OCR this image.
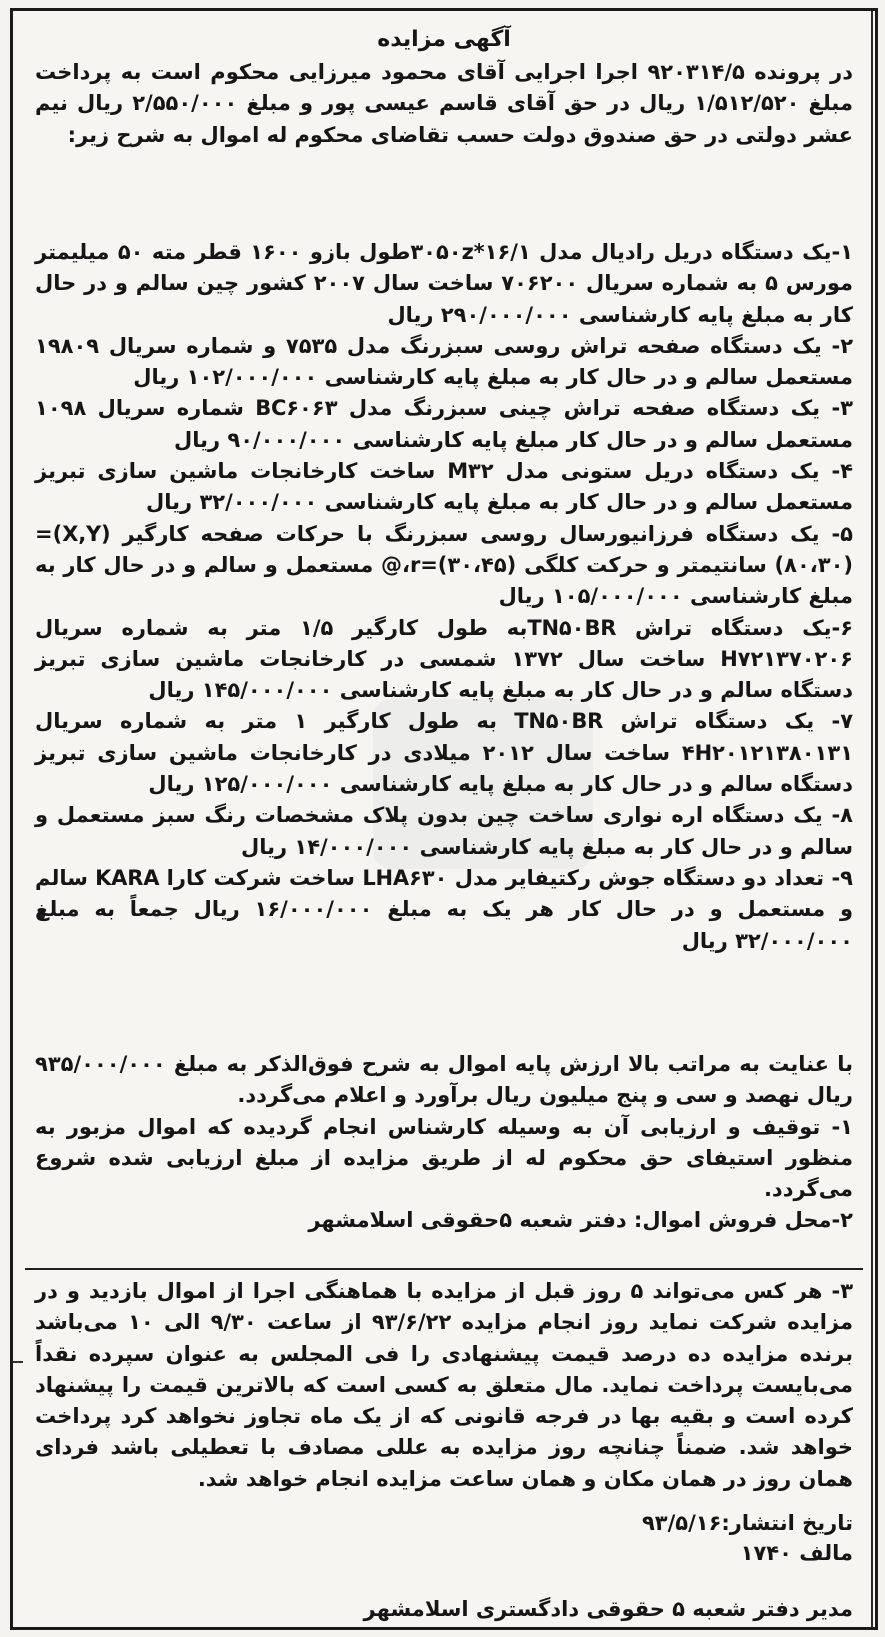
آگهی مزایده

در پرونده ۹۲۰۳۱۴/۵ اجرا اجرایی آقای محمود میرزایی محکوم است به پرداخت مبلغ ۱/۵۱۲/۵۲۰ ریال در حق آقای قاسم عیسی پور و مبلغ ۲/۵۵۰/۰۰۰ ریال نیم عشر دولتی در حق صندوق دولت حسب تقاضای محکوم له اموال به شرح زیر:

۱-یک دستگاه دریل رادیال مدل ۱۶/۱*۳۰۵۰zطول بازو ۱۶۰۰ قطر مته ۵۰ میلیمتر مورس ۵ به شماره سریال ۷۰۶۲۰۰ ساخت سال ۲۰۰۷ کشور چین سالم و در حال کار به مبلغ پایه کارشناسی ۲۹۰/۰۰۰/۰۰۰ ریال

۲- یک دستگاه صفحه تراش روسی سبزرنگ مدل ۷۵۳۵ و شماره سریال ۱۹۸۰۹ مستعمل سالم و در حال کار به مبلغ پایه کارشناسی ۱۰۲/۰۰۰/۰۰۰ ریال

۳- یک دستگاه صفحه تراش چینی سبزرنگ مدل BC۶۰۶۳ شماره سریال ۱۰۹۸ مستعمل سالم و در حال کار مبلغ پایه کارشناسی ۹۰/۰۰۰/۰۰۰ ریال

۴- یک دستگاه دریل ستونی مدل M۳۲ ساخت کارخانجات ماشین سازی تبریز مستعمل سالم و در حال کار به مبلغ پایه کارشناسی ۳۲/۰۰۰/۰۰۰ ریال

۵- یک دستگاه فرزانیورسال روسی سبزرنگ با حرکات صفحه کارگیر (X,Y)=(۸۰،۳۰) سانتیمتر و حرکت کلگی (۳۰،۴۵)=r،@ مستعمل و سالم و در حال کار به مبلغ کارشناسی ۱۰۵/۰۰۰/۰۰۰ ریال

۶-یک دستگاه تراش TN۵۰BRبه طول کارگیر ۱/۵ متر به شماره سریال H۷۲۱۳۷۰۲۰۶ ساخت سال ۱۳۷۲ شمسی در کارخانجات ماشین سازی تبریز دستگاه سالم و در حال کار به مبلغ پایه کارشناسی ۱۴۵/۰۰۰/۰۰۰ ریال

۷- یک دستگاه تراش TN۵۰BR به طول کارگیر ۱ متر به شماره سریال ۴H۲۰۱۲۱۳۸۰۱۳۱ ساخت سال ۲۰۱۲ میلادی در کارخانجات ماشین سازی تبریز دستگاه سالم و در حال کار به مبلغ پایه کارشناسی ۱۲۵/۰۰۰/۰۰۰ ریال

۸- یک دستگاه اره نواری ساخت چین بدون پلاک مشخصات رنگ سبز مستعمل و سالم و در حال کار به مبلغ پایه کارشناسی ۱۴/۰۰۰/۰۰۰ ریال

۹- تعداد دو دستگاه جوش رکتیفایر مدل LHA۶۳۰ ساخت شرکت کارا KARA سالم و مستعمل و در حال کار هر یک به مبلغ ۱۶/۰۰۰/۰۰۰ ریال جمعاً به مبلغ ۳۲/۰۰۰/۰۰۰ ریال

با عنایت به مراتب بالا ارزش پایه اموال به شرح فوق‌الذکر به مبلغ ۹۳۵/۰۰۰/۰۰۰ ریال نهصد و سی و پنج میلیون ریال برآورد و اعلام می‌گردد.

۱- توقیف و ارزیابی آن به وسیله کارشناس انجام گردیده که اموال مزبور به منظور استیفای حق محکوم له از طریق مزایده از مبلغ ارزیابی شده شروع می‌گردد.

۲-محل فروش اموال: دفتر شعبه ۵حقوقی اسلامشهر

۳- هر کس می‌تواند ۵ روز قبل از مزایده با هماهنگی اجرا از اموال بازدید و در مزایده شرکت نماید روز انجام مزایده ۹۳/۶/۲۲ از ساعت ۹/۳۰ الی ۱۰ می‌باشد برنده مزایده ده درصد قیمت پیشنهادی را فی المجلس به عنوان سپرده نقداً می‌بایست پرداخت نماید. مال متعلق به کسی است که بالاترین قیمت را پیشنهاد کرده است و بقیه بها در فرجه قانونی که از یک ماه تجاوز نخواهد کرد پرداخت خواهد شد. ضمناً چنانچه روز مزایده به عللی مصادف با تعطیلی باشد فردای همان روز در همان مکان و همان ساعت مزایده انجام خواهد شد.

تاریخ انتشار:۹۳/۵/۱۶
مالف ۱۷۴۰
مدیر دفتر شعبه ۵ حقوقی دادگستری اسلامشهر
